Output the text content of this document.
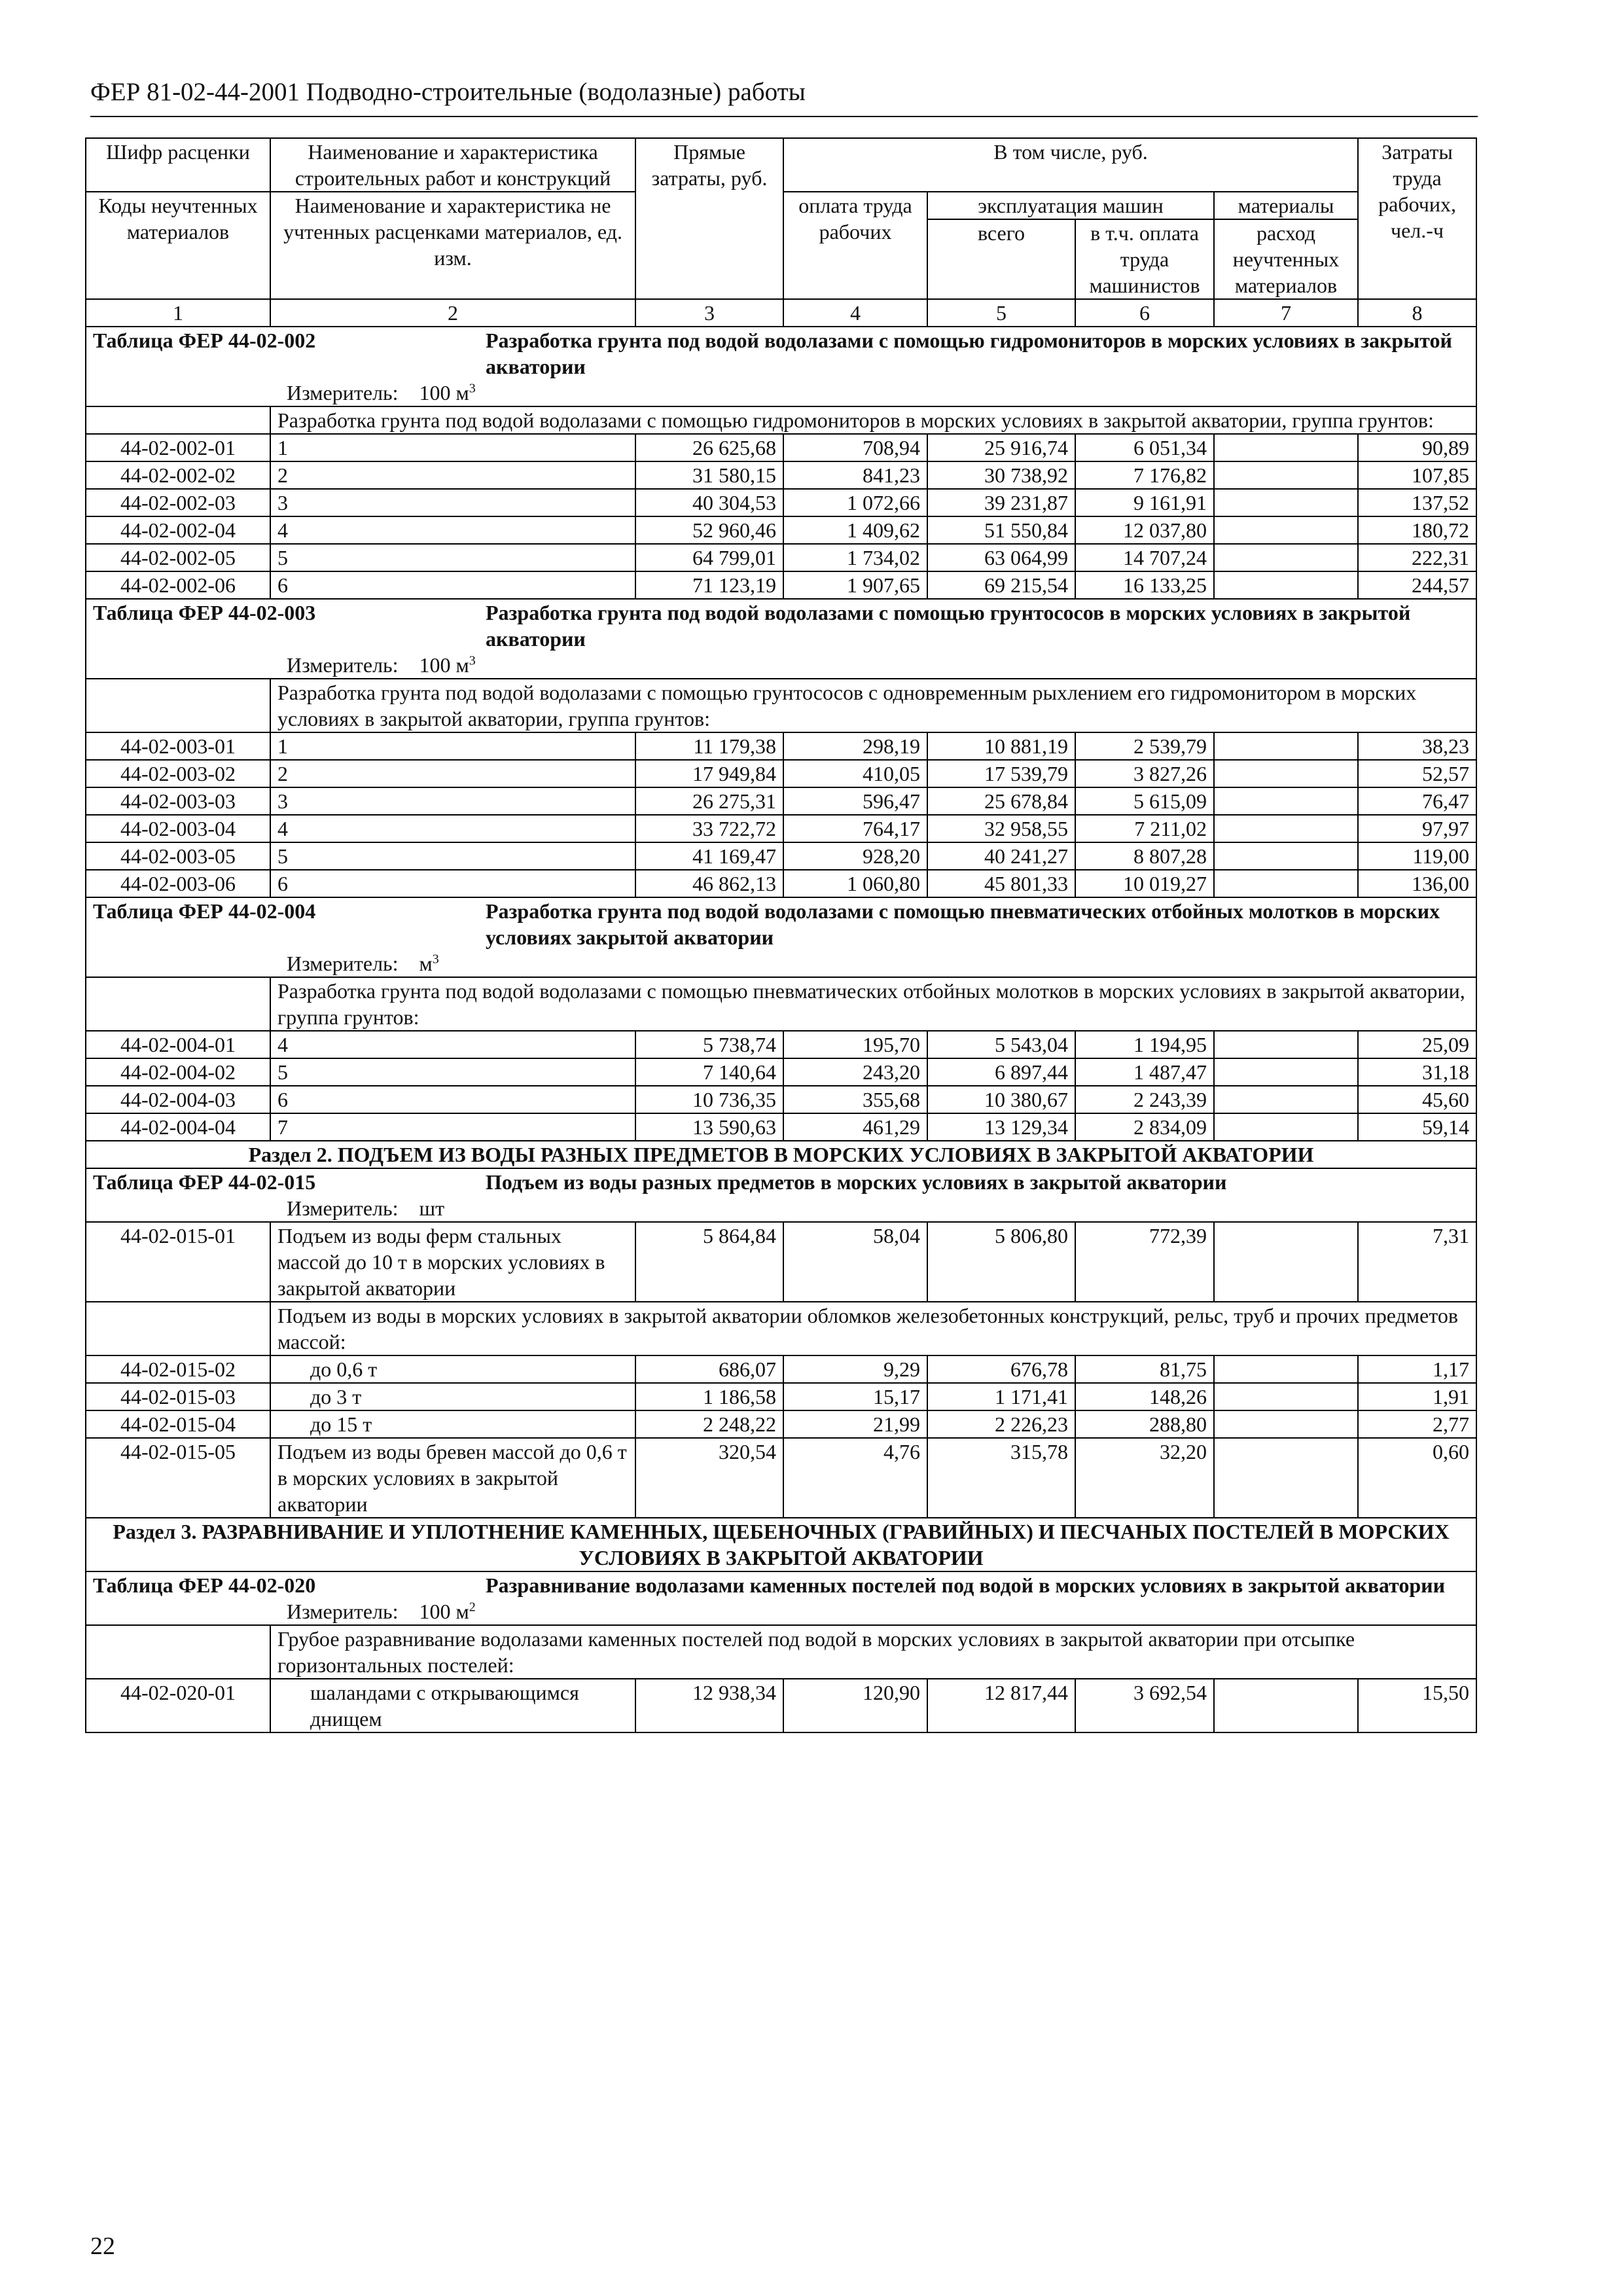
ФЕР 81-02-44-2001 Подводно-строительные (водолазные) работы
Шифр расценки	Наименование и характеристика строительных работ и конструкций	Прямые затраты, руб.	В том числе, руб.				Затраты труда рабочих, чел.-ч
Коды неучтенных материалов	Наименование и характеристика не учтенных расценками материалов, ед. изм.		оплата труда рабочих	эксплуатация машин		материалы	
				всего	в т.ч. оплата труда машинистов	расход неучтенных материалов	
1	2	3	4	5	6	7	8
Таблица ФЕР 44-02-002 Разработка грунта под водой водолазами с помощью гидромониторов в морских условиях в закрытой акватории							
Измеритель: 100 $м^3$
	Разработка грунта под водой водолазами с помощью гидромониторов в морских условиях в закрытой акватории, группа грунтов:						
44-02-002-01	1	26 625,68	708,94	25 916,74	6 051,34		90,89
44-02-002-02	2	31 580,15	841,23	30 738,92	7 176,82		107,85
44-02-002-03	3	40 304,53	1 072,66	39 231,87	9 161,91		137,52
44-02-002-04	4	52 960,46	1 409,62	51 550,84	12 037,80		180,72
44-02-002-05	5	64 799,01	1 734,02	63 064,99	14 707,24		222,31
44-02-002-06	6	71 123,19	1 907,65	69 215,54	16 133,25		244,57
Таблица ФЕР 44-02-003 Разработка грунта под водой водолазами с помощью грунтососов в морских условиях в закрытой акватории							
Измеритель: 100 $м^3$
	Разработка грунта под водой водолазами с помощью грунтососов с одновременным рыхлением его гидромонитором в морских условиях в закрытой акватории, группа грунтов:						
44-02-003-01	1	11 179,38	298,19	10 881,19	2 539,79		38,23
44-02-003-02	2	17 949,84	410,05	17 539,79	3 827,26		52,57
44-02-003-03	3	26 275,31	596,47	25 678,84	5 615,09		76,47
44-02-003-04	4	33 722,72	764,17	32 958,55	7 211,02		97,97
44-02-003-05	5	41 169,47	928,20	40 241,27	8 807,28		119,00
44-02-003-06	6	46 862,13	1 060,80	45 801,33	10 019,27		136,00
Таблица ФЕР 44-02-004 Разработка грунта под водой водолазами с помощью пневматических отбойных молотков в морских условиях закрытой акватории							
Измеритель: $м^3$
	Разработка грунта под водой водолазами с помощью пневматических отбойных молотков в морских условиях в закрытой акватории, группа грунтов:						
44-02-004-01	4	5 738,74	195,70	5 543,04	1 194,95		25,09
44-02-004-02	5	7 140,64	243,20	6 897,44	1 487,47		31,18
44-02-004-03	6	10 736,35	355,68	10 380,67	2 243,39		45,60
44-02-004-04	7	13 590,63	461,29	13 129,34	2 834,09		59,14
Раздел 2. ПОДЪЕМ ИЗ ВОДЫ РАЗНЫХ ПРЕДМЕТОВ В МОРСКИХ УСЛОВИЯХ В ЗАКРЫТОЙ АКВАТОРИИ							
Таблица ФЕР 44-02-015 Подъем из воды разных предметов в морских условиях в закрытой акватории							
Измеритель: шт							
44-02-015-01	Подъем из воды ферм стальных массой до 10 т в морских условиях в закрытой акватории	5 864,84	58,04	5 806,80	772,39		7,31
	Подъем из воды в морских условиях в закрытой акватории обломков железобетонных конструкций, рельс, труб и прочих предметов массой:						
44-02-015-02	до 0,6 т	686,07	9,29	676,78	81,75		1,17
44-02-015-03	до 3 т	1 186,58	15,17	1 171,41	148,26		1,91
44-02-015-04	до 15 т	2 248,22	21,99	2 226,23	288,80		2,77
44-02-015-05	Подъем из воды бревен массой до 0,6 т в морских условиях в закрытой акватории	320,54	4,76	315,78	32,20		0,60
Раздел 3. РАЗРАВНИВАНИЕ И УПЛОТНЕНИЕ КАМЕННЫХ, ЩЕБЕНОЧНЫХ (ГРАВИЙНЫХ) И ПЕСЧАНЫХ ПОСТЕЛЕЙ В МОРСКИХ УСЛОВИЯХ В ЗАКРЫТОЙ АКВАТОРИИ							
Таблица ФЕР 44-02-020 Разравнивание водолазами каменных постелей под водой в морских условиях в закрытой акватории							
Измеритель: 100 $м^2$
	Грубое разравнивание водолазами каменных постелей под водой в морских условиях в закрытой акватории при отсыпке горизонтальных постелей:						
44-02-020-01	шаландами с открывающимся днищем	12 938,34	120,90	12 817,44	3 692,54		15,50
22
